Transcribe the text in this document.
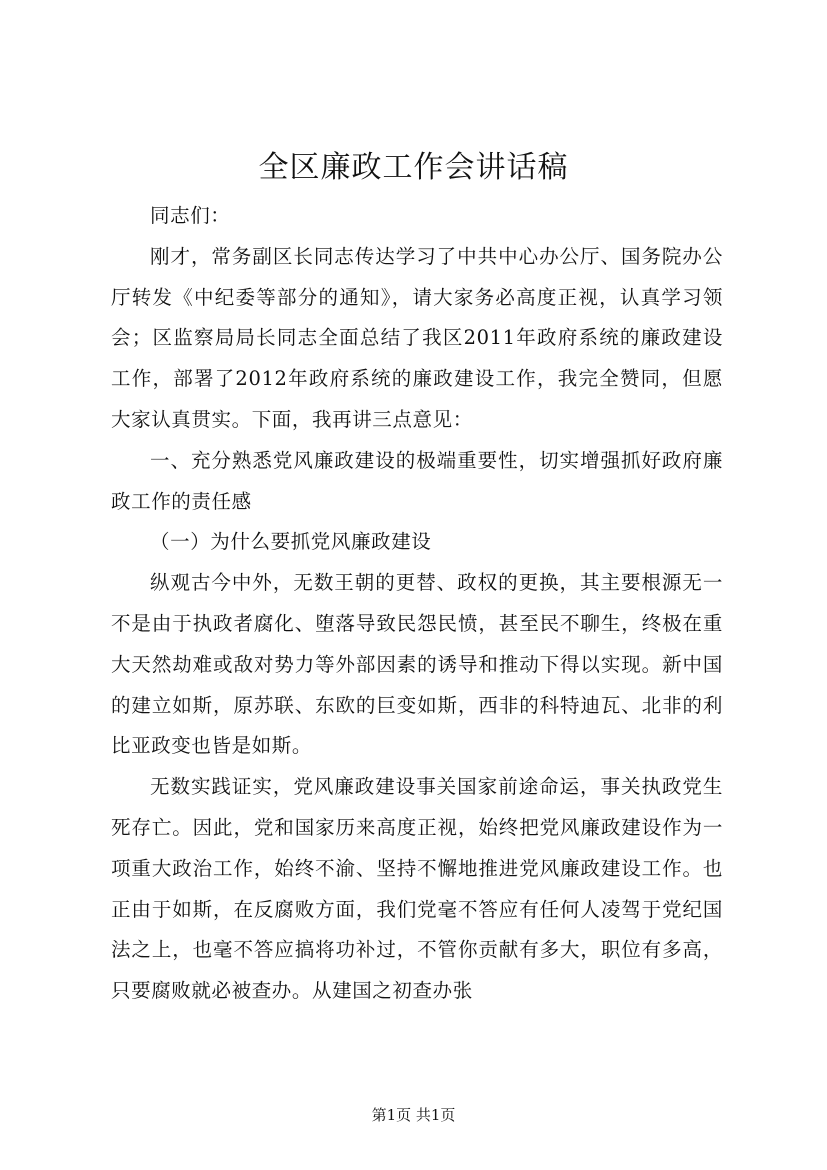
全区廉政工作会讲话稿

同志们：

刚才，常务副区长同志传达学习了中共中心办公厅、国务院办公厅转发《中纪委等部分的通知》，请大家务必高度正视，认真学习领会；区监察局局长同志全面总结了我区2011年政府系统的廉政建设工作，部署了2012年政府系统的廉政建设工作，我完全赞同，但愿大家认真贯实。下面，我再讲三点意见：

一、充分熟悉党风廉政建设的极端重要性，切实增强抓好政府廉政工作的责任感

（一）为什么要抓党风廉政建设

纵观古今中外，无数王朝的更替、政权的更换，其主要根源无一不是由于执政者腐化、堕落导致民怨民愤，甚至民不聊生，终极在重大天然劫难或敌对势力等外部因素的诱导和推动下得以实现。新中国的建立如斯，原苏联、东欧的巨变如斯，西非的科特迪瓦、北非的利比亚政变也皆是如斯。

无数实践证实，党风廉政建设事关国家前途命运，事关执政党生死存亡。因此，党和国家历来高度正视，始终把党风廉政建设作为一项重大政治工作，始终不渝、坚持不懈地推进党风廉政建设工作。也正由于如斯，在反腐败方面，我们党毫不答应有任何人凌驾于党纪国法之上，也毫不答应搞将功补过，不管你贡献有多大，职位有多高，只要腐败就必被查办。从建国之初查办张

第1页 共1页
